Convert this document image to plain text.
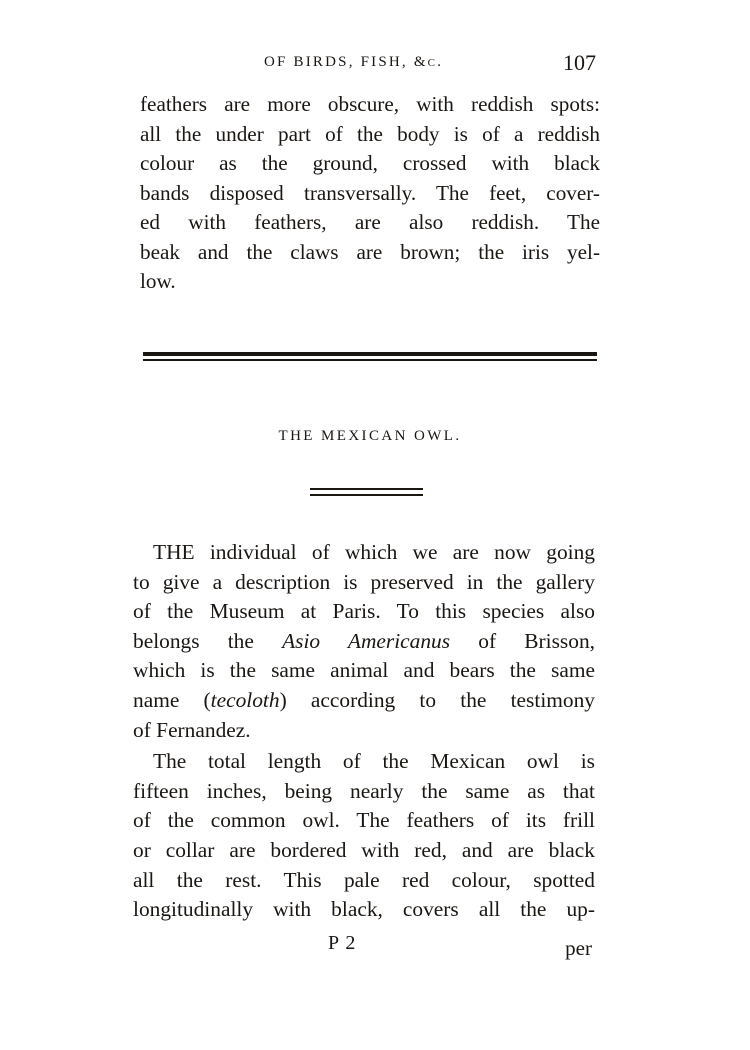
OF BIRDS, FISH, &c.	107
feathers are more obscure, with reddish spots:
all the under part of the body is of a reddish
colour as the ground, crossed with black
bands disposed transversally. The feet, cover-
ed with feathers, are also reddish. The
beak and the claws are brown; the iris yel-
low.
THE MEXICAN OWL.
THE individual of which we are now going
to give a description is preserved in the gallery
of the Museum at Paris. To this species also
belongs the Asio Americanus of Brisson,
which is the same animal and bears the same
name (tecoloth) according to the testimony
of Fernandez.
The total length of the Mexican owl is
fifteen inches, being nearly the same as that
of the common owl. The feathers of its frill
or collar are bordered with red, and are black
all the rest. This pale red colour, spotted
longitudinally with black, covers all the up-
P 2	per
